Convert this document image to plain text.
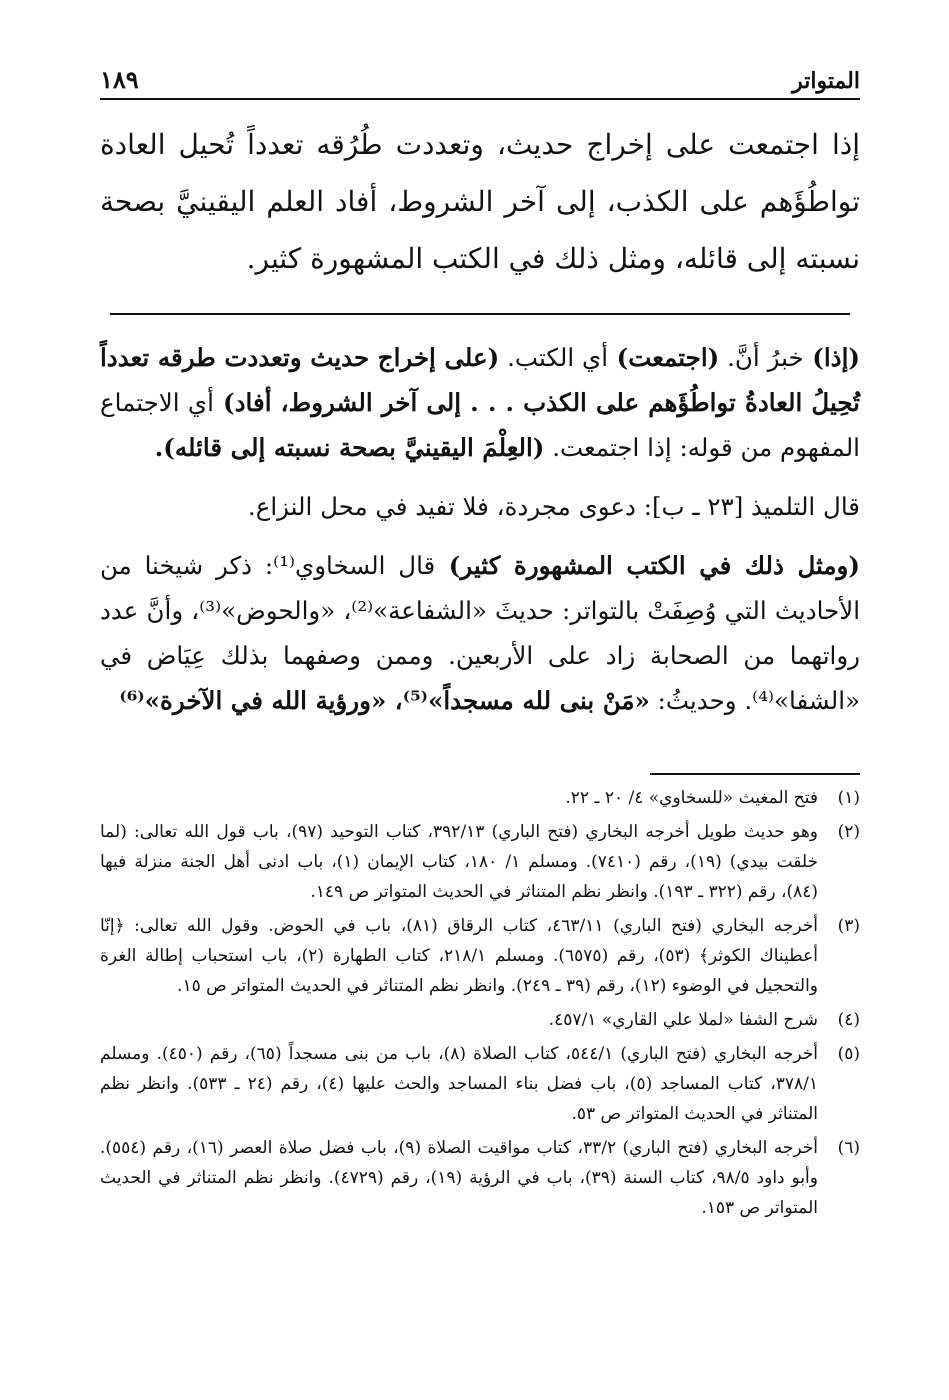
المتواتر
١٨٩

إذا اجتمعت على إخراج حديث، وتعددت طُرُقه تعدداً تُحيل العادة تواطُؤَهم على الكذب، إلى آخر الشروط، أفاد العلم اليقينيَّ بصحة نسبته إلى قائله، ومثل ذلك في الكتب المشهورة كثير.

(إذا) خبرُ أنَّ. (اجتمعت) أي الكتب. (على إخراج حديث وتعددت طرقه تعدداً تُحِيلُ العادةُ تواطُؤَهم على الكذب . . . إلى آخر الشروط، أفاد) أي الاجتماع المفهوم من قوله: إذا اجتمعت. (العِلْمَ اليقينيَّ بصحة نسبته إلى قائله).

قال التلميذ [٢٣ ـ ب]: دعوى مجردة، فلا تفيد في محل النزاع.

(ومثل ذلك في الكتب المشهورة كثير) قال السخاوي⁽¹⁾: ذكر شيخنا من الأحاديث التي وُصِفَتْ بالتواتر: حديثَ «الشفاعة»⁽²⁾، «والحوض»⁽³⁾، وأنَّ عدد رواتهما من الصحابة زاد على الأربعين. وممن وصفهما بذلك عِيَاض في «الشفا»⁽⁴⁾. وحديثُ: «مَنْ بنى لله مسجداً»⁽⁵⁾، «ورؤية الله في الآخرة»⁽⁶⁾

(١)
فتح المغيث «للسخاوي» ٤/ ٢٠ ـ ٢٢.
(٢)
وهو حديث طويل أخرجه البخاري (فتح الباري) ٣٩٢/١٣، كتاب التوحيد (٩٧)، باب قول الله تعالى: (لما خلقت بيدي) (١٩)، رقم (٧٤١٠). ومسلم ١/ ١٨٠، كتاب الإيمان (١)، باب ادنى أهل الجنة منزلة فيها (٨٤)، رقم (٣٢٢ ـ ١٩٣). وانظر نظم المتناثر في الحديث المتواتر ص ١٤٩.
(٣)
أخرجه البخاري (فتح الباري) ٤٦٣/١١، كتاب الرقاق (٨١)، باب في الحوض. وقول الله تعالى: ﴿إنّا أعطيناك الكوثر﴾ (٥٣)، رقم (٦٥٧٥). ومسلم ٢١٨/١، كتاب الطهارة (٢)، باب استحباب إطالة الغرة والتحجيل في الوضوء (١٢)، رقم (٣٩ ـ ٢٤٩). وانظر نظم المتناثر في الحديث المتواتر ص ١٥.
(٤)
شرح الشفا «لملا علي القاري» ٤٥٧/١.
(٥)
أخرجه البخاري (فتح الباري) ٥٤٤/١، كتاب الصلاة (٨)، باب من بنى مسجداً (٦٥)، رقم (٤٥٠). ومسلم ٣٧٨/١، كتاب المساجد (٥)، باب فضل بناء المساجد والحث عليها (٤)، رقم (٢٤ ـ ٥٣٣). وانظر نظم المتناثر في الحديث المتواتر ص ٥٣.
(٦)
أخرجه البخاري (فتح الباري) ٣٣/٢، كتاب مواقيت الصلاة (٩)، باب فضل صلاة العصر (١٦)، رقم (٥٥٤). وأبو داود ٩٨/٥، كتاب السنة (٣٩)، باب في الرؤية (١٩)، رقم (٤٧٢٩). وانظر نظم المتناثر في الحديث المتواتر ص ١٥٣.
